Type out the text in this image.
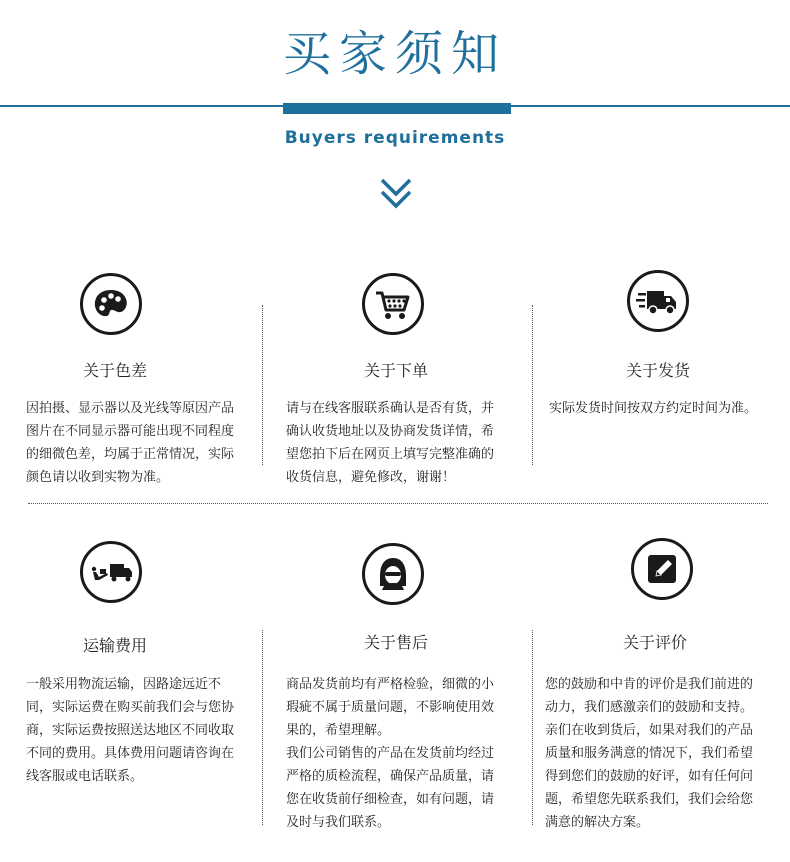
买家须知
Buyers requirements
关于色差
因拍摄、显示器以及光线等原因产品
图片在不同显示器可能出现不同程度
的细微色差，均属于正常情况，实际
颜色请以收到实物为准。
关于下单
请与在线客服联系确认是否有货，并
确认收货地址以及协商发货详情，希
望您拍下后在网页上填写完整准确的
收货信息，避免修改，谢谢！
关于发货
实际发货时间按双方约定时间为准。
运输费用
一般采用物流运输，因路途远近不
同，实际运费在购买前我们会与您协
商，实际运费按照送达地区不同收取
不同的费用。具体费用问题请咨询在
线客服或电话联系。
关于售后
商品发货前均有严格检验，细微的小
瑕疵不属于质量问题，不影响使用效
果的，希望理解。
我们公司销售的产品在发货前均经过
严格的质检流程，确保产品质量，请
您在收货前仔细检查，如有问题，请
及时与我们联系。
关于评价
您的鼓励和中肯的评价是我们前进的
动力，我们感激亲们的鼓励和支持。
亲们在收到货后，如果对我们的产品
质量和服务满意的情况下，我们希望
得到您们的鼓励的好评，如有任何问
题，希望您先联系我们，我们会给您
满意的解决方案。
